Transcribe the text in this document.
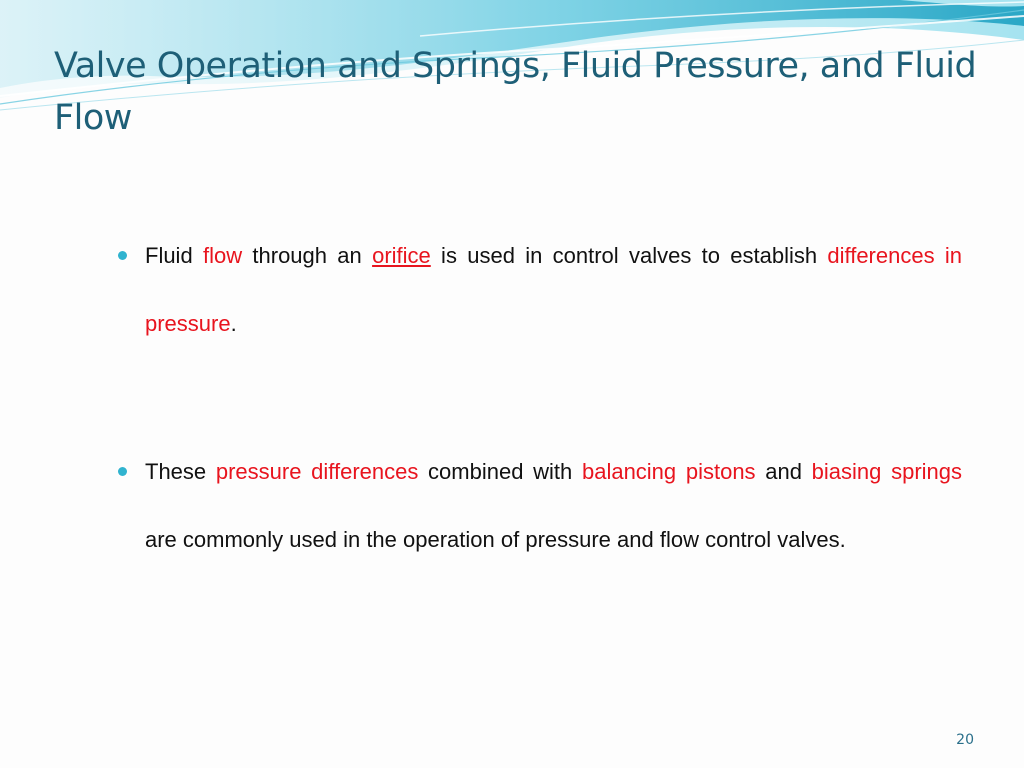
Valve Operation and Springs, Fluid Pressure, and Fluid Flow
Fluid flow through an orifice is used in control valves to establish differences in pressure.
These pressure differences combined with balancing pistons and biasing springs are commonly used in the operation of pressure and flow control valves.
20
